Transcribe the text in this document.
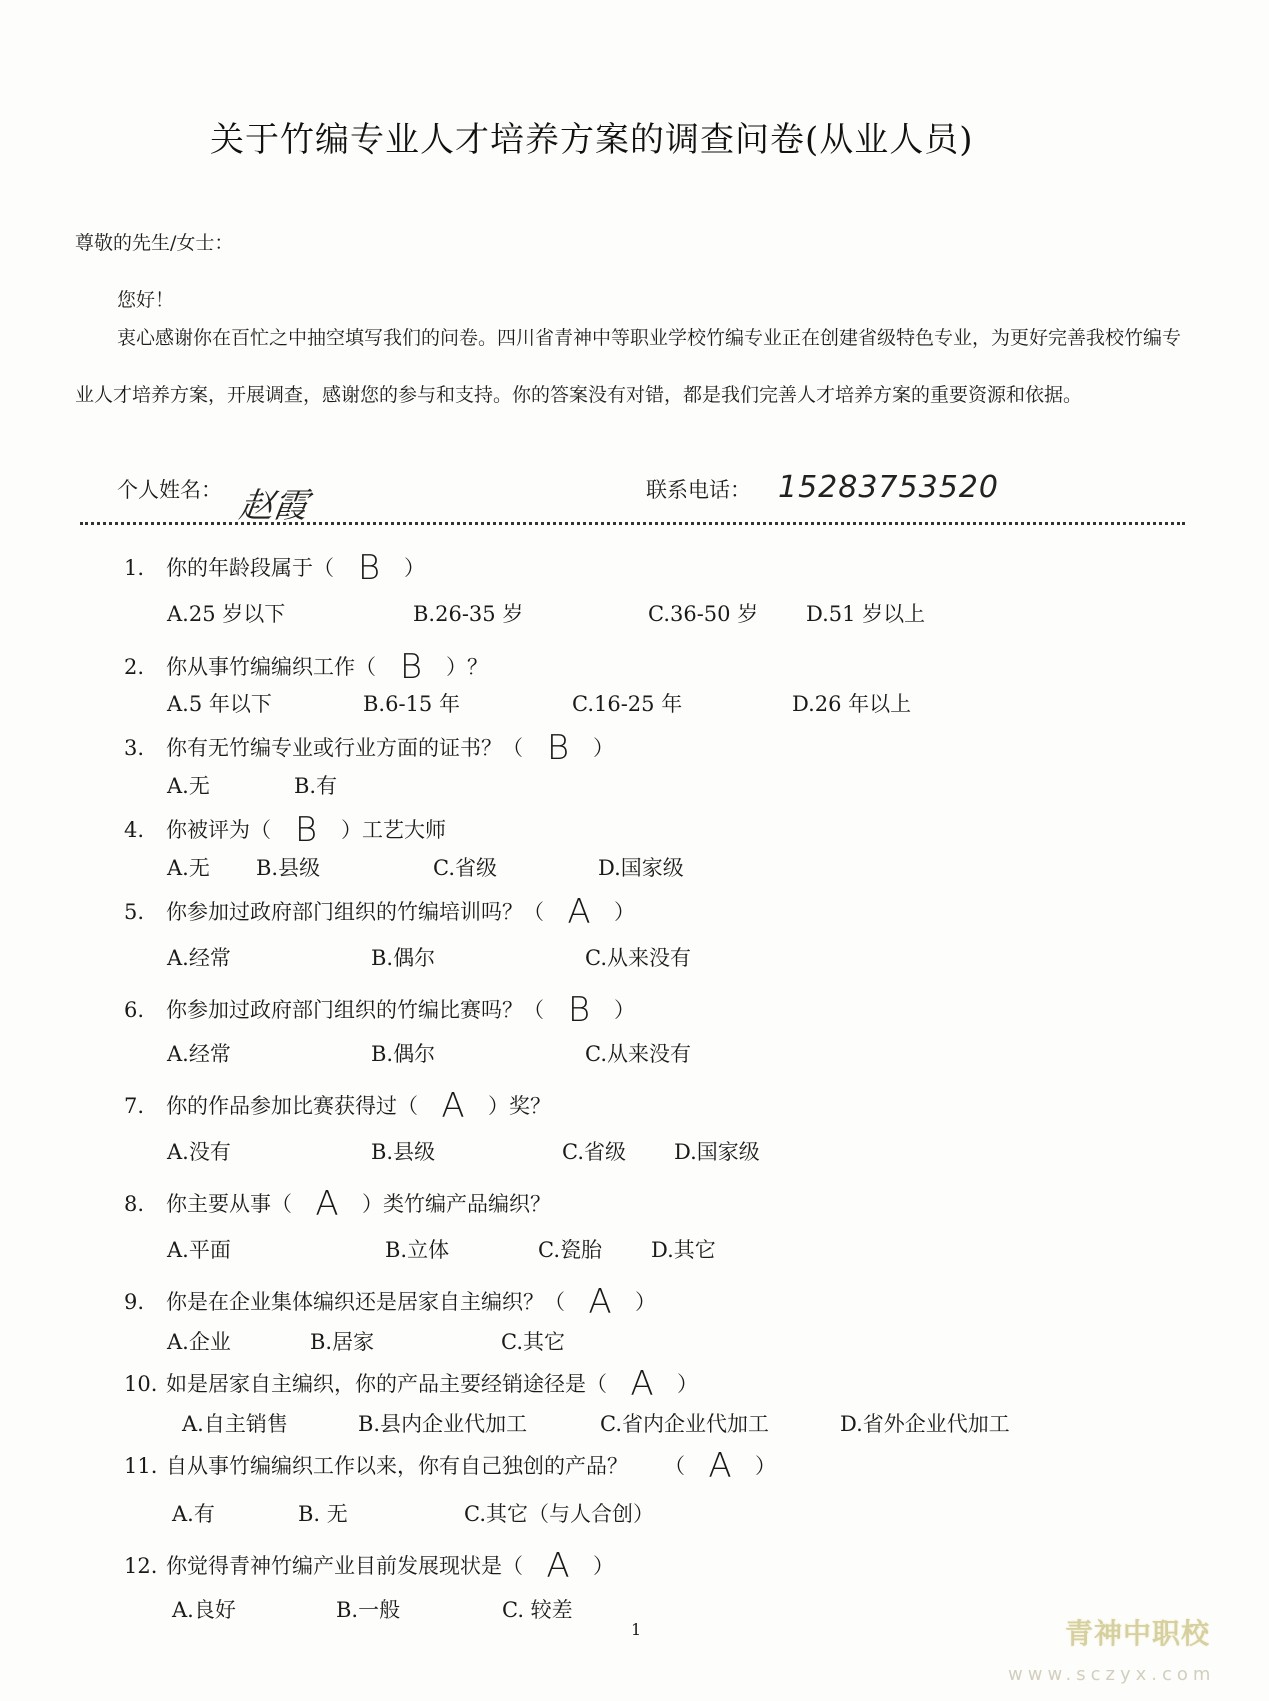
关于竹编专业人才培养方案的调查问卷(从业人员)
尊敬的先生/女士：
您好！
衷心感谢你在百忙之中抽空填写我们的问卷。四川省青神中等职业学校竹编专业正在创建省级特色专业，为更好完善我校竹编专业人才培养方案，开展调查，感谢您的参与和支持。你的答案没有对错，都是我们完善人才培养方案的重要资源和依据。
个人姓名： 赵霞	联系电话： 15283753520
1. 你的年龄段属于（ B ）
A.25 岁以下	B.26-35 岁	C.36-50 岁 D.51 岁以上
2. 你从事竹编编织工作（ B ）？
A.5 年以下	B.6-15 年	C.16-25 年	D.26 年以上
3. 你有无竹编专业或行业方面的证书？（ B ）
A.无	B.有
4. 你被评为（ B ）工艺大师
A.无 B.县级	C.省级	D.国家级
5. 你参加过政府部门组织的竹编培训吗？（ A ）
A.经常	B.偶尔	C.从来没有
6. 你参加过政府部门组织的竹编比赛吗？（ B ）
A.经常	B.偶尔	C.从来没有
7. 你的作品参加比赛获得过（ A ）奖？
A.没有	B.县级	C.省级 D.国家级
8. 你主要从事（ A ）类竹编产品编织？
A.平面	B.立体	C.瓷胎 D.其它
9. 你是在企业集体编织还是居家自主编织？（ A ）
A.企业	B.居家	C.其它
10. 如是居家自主编织，你的产品主要经销途径是（ A ）
A.自主销售	B.县内企业代加工	C.省内企业代加工	D.省外企业代加工
11. 自从事竹编编织工作以来，你有自己独创的产品？ （ A ）
A.有	B. 无	C.其它（与人合创）
12. 你觉得青神竹编产业目前发展现状是（ A ）
A.良好	B.一般	C. 较差
1	青神中职校
www.sczyx.com
